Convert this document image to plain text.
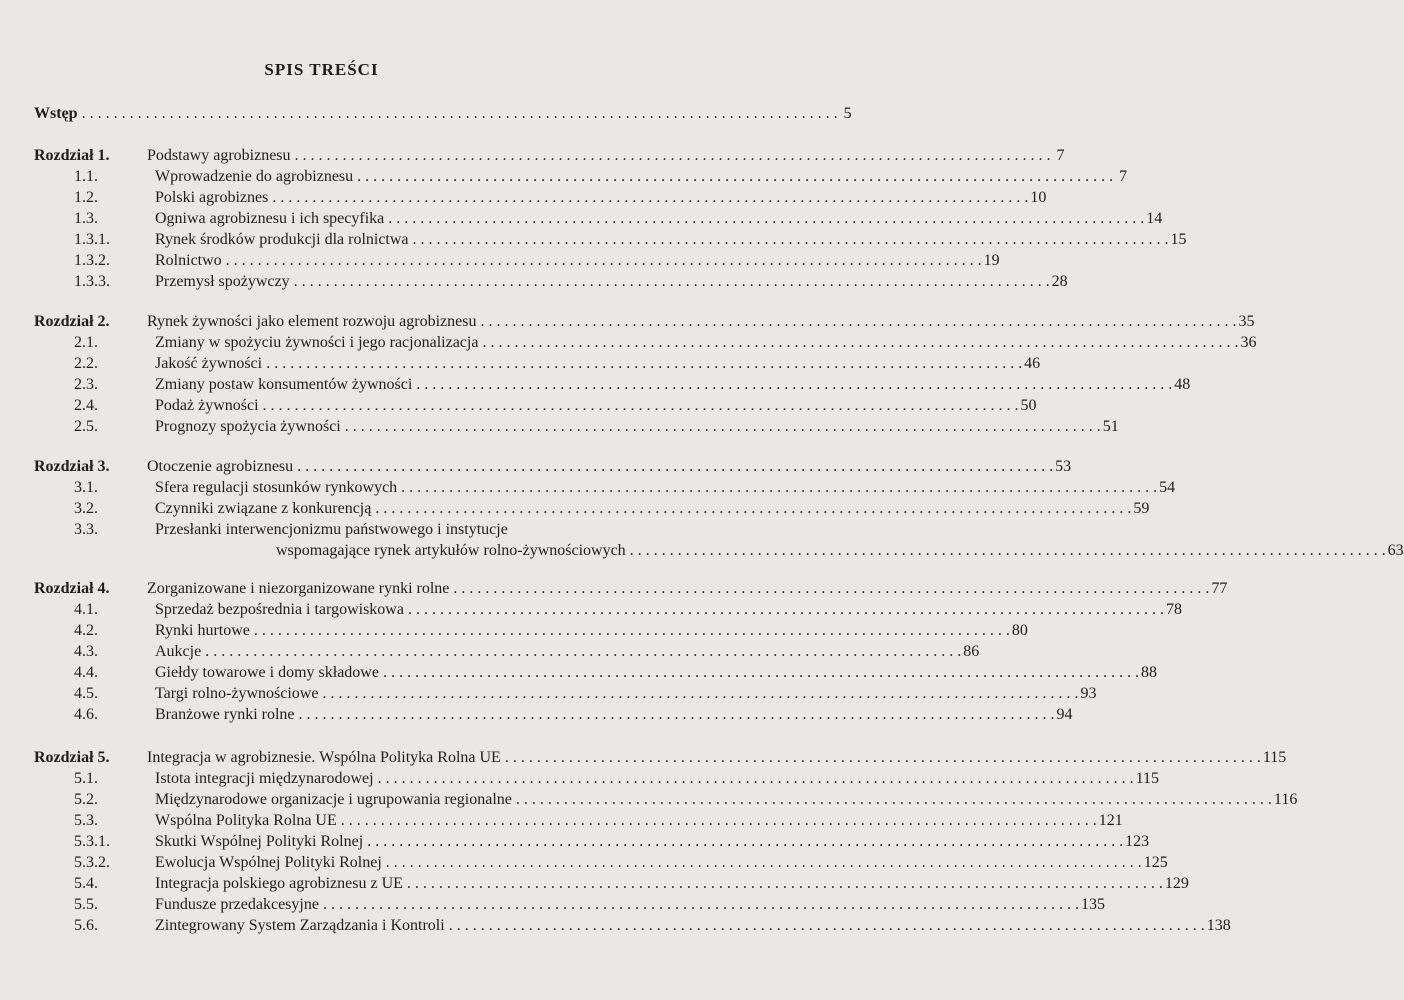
SPIS TREŚCI
Wstęp . . .	5
Rozdział 1.	Podstawy agrobiznesu . . .	7
1.1.	Wprowadzenie do agrobiznesu . . .	7
1.2.	Polski agrobiznes . . .	10
1.3.	Ogniwa agrobiznesu i ich specyfika . . .	14
1.3.1.	Rynek środków produkcji dla rolnictwa . . .	15
1.3.2.	Rolnictwo . . .	19
1.3.3.	Przemysł spożywczy . . .	28
Rozdział 2.	Rynek żywności jako element rozwoju agrobiznesu . . .	35
2.1.	Zmiany w spożyciu żywności i jego racjonalizacja . . .	36
2.2.	Jakość żywności . . .	46
2.3.	Zmiany postaw konsumentów żywności . . .	48
2.4.	Podaż żywności . . .	50
2.5.	Prognozy spożycia żywności . . .	51
Rozdział 3.	Otoczenie agrobiznesu . . .	53
3.1.	Sfera regulacji stosunków rynkowych . . .	54
3.2.	Czynniki związane z konkurencją . . .	59
3.3.	Przesłanki interwencjonizmu państwowego i instytucje
wspomagające rynek artykułów rolno-żywnościowych . . .	63
Rozdział 4.	Zorganizowane i niezorganizowane rynki rolne . . .	77
4.1.	Sprzedaż bezpośrednia i targowiskowa . . .	78
4.2.	Rynki hurtowe . . .	80
4.3.	Aukcje . . .	86
4.4.	Giełdy towarowe i domy składowe . . .	88
4.5.	Targi rolno-żywnościowe . . .	93
4.6.	Branżowe rynki rolne . . .	94
Rozdział 5.	Integracja w agrobiznesie. Wspólna Polityka Rolna UE . . .	115
5.1.	Istota integracji międzynarodowej . . .	115
5.2.	Międzynarodowe organizacje i ugrupowania regionalne . . .	116
5.3.	Wspólna Polityka Rolna UE . . .	121
5.3.1.	Skutki Wspólnej Polityki Rolnej . . .	123
5.3.2.	Ewolucja Wspólnej Polityki Rolnej . . .	125
5.4.	Integracja polskiego agrobiznesu z UE . . .	129
5.5.	Fundusze przedakcesyjne . . .	135
5.6.	Zintegrowany System Zarządzania i Kontroli . . .	138
